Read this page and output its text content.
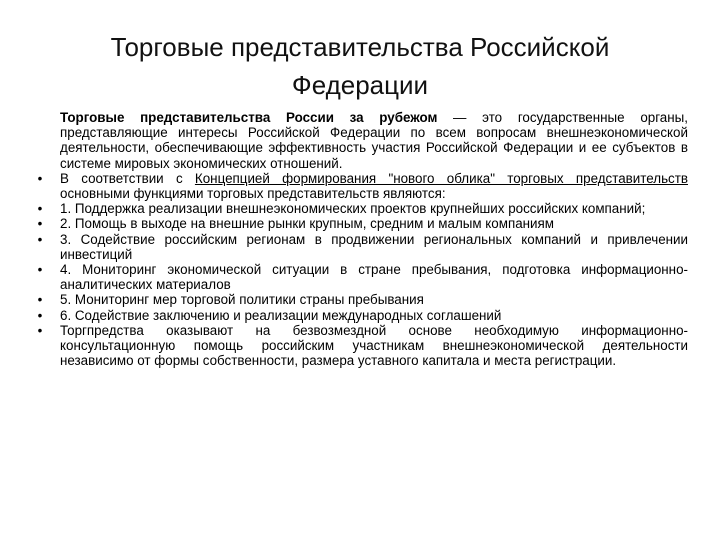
Торговые представительства Российской Федерации
Торговые представительства России за рубежом — это государственные органы, представляющие интересы Российской Федерации по всем вопросам внешнеэкономической деятельности, обеспечивающие эффективность участия Российской Федерации и ее субъектов в системе мировых экономических отношений.
• В соответствии с Концепцией формирования "нового облика" торговых представительств основными функциями торговых представительств являются:
• 1. Поддержка реализации внешнеэкономических проектов крупнейших российских компаний;
• 2. Помощь в выходе на внешние рынки крупным, средним и малым компаниям
• 3. Содействие российским регионам в продвижении региональных компаний и привлечении инвестиций
• 4. Мониторинг экономической ситуации в стране пребывания, подготовка информационно-аналитических материалов
• 5. Мониторинг мер торговой политики страны пребывания
• 6. Содействие заключению и реализации международных соглашений
• Торгпредства оказывают на безвозмездной основе необходимую информационно-консультационную помощь российским участникам внешнеэкономической деятельности независимо от формы собственности, размера уставного капитала и места регистрации.
